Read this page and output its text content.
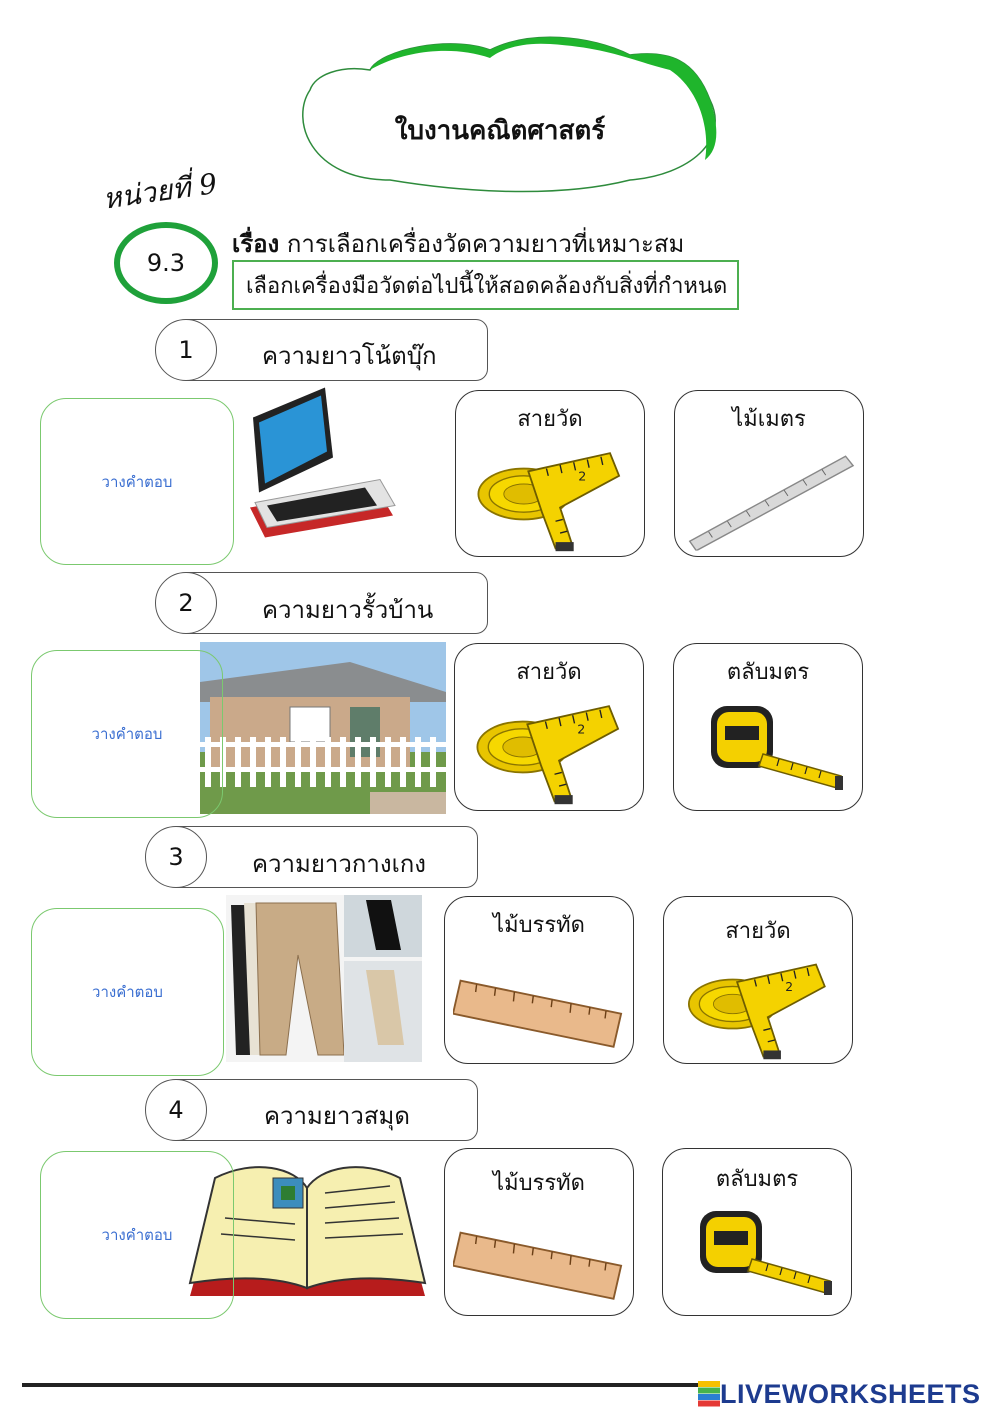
ใบงานคณิตศาสตร์
หน่วยที่ 9
9.3
เรื่อง การเลือกเครื่องวัดความยาวที่เหมาะสม
เลือกเครื่องมือวัดต่อไปนี้ให้สอดคล้องกับสิ่งที่กำหนด
ความยาวโน้ตบุ๊ก
1
วางคำตอบ
สายวัด	ไม้เมตร
ความยาวรั้วบ้าน
2
วางคำตอบ
สายวัด	ตลับมตร
ความยาวกางเกง
3
วางคำตอบ
ไม้บรรทัด	สายวัด
ความยาวสมุด
4
วางคำตอบ
ไม้บรรทัด	ตลับมตร
LIVEWORKSHEETS
